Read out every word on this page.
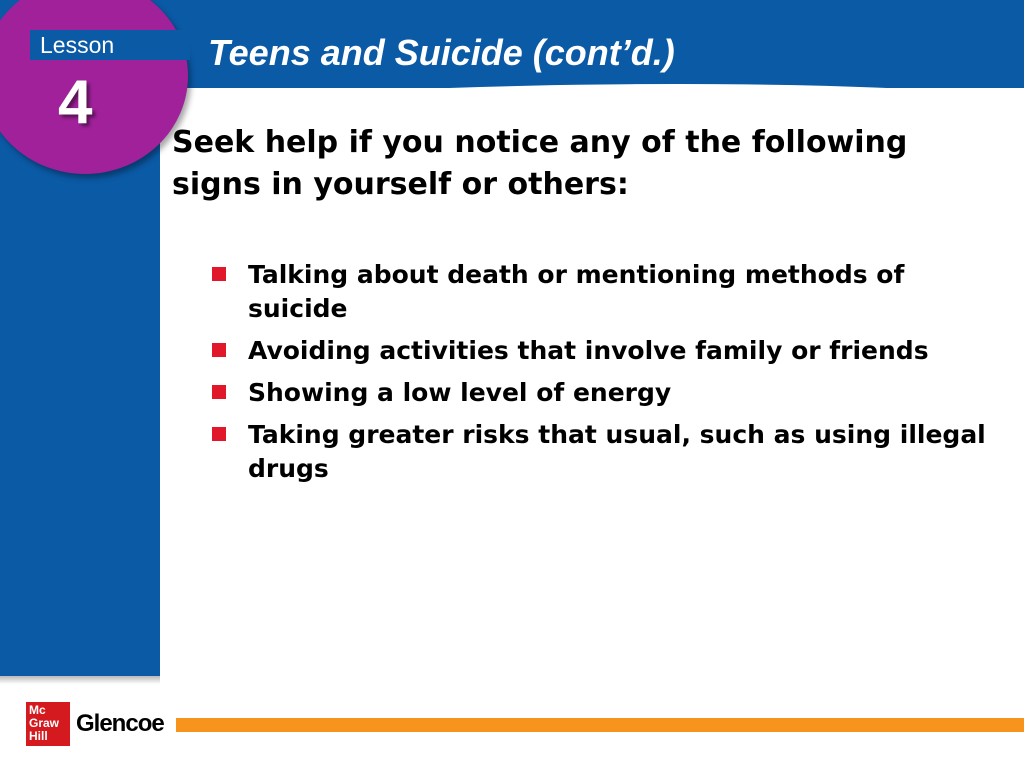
Lesson
4
Teens and Suicide (cont’d.)
Seek help if you notice any of the following signs in yourself or others:
Talking about death or mentioning methods of suicide
Avoiding activities that involve family or friends
Showing a low level of energy
Taking greater risks that usual, such as using illegal drugs
Mc
Graw
Hill	Glencoe
